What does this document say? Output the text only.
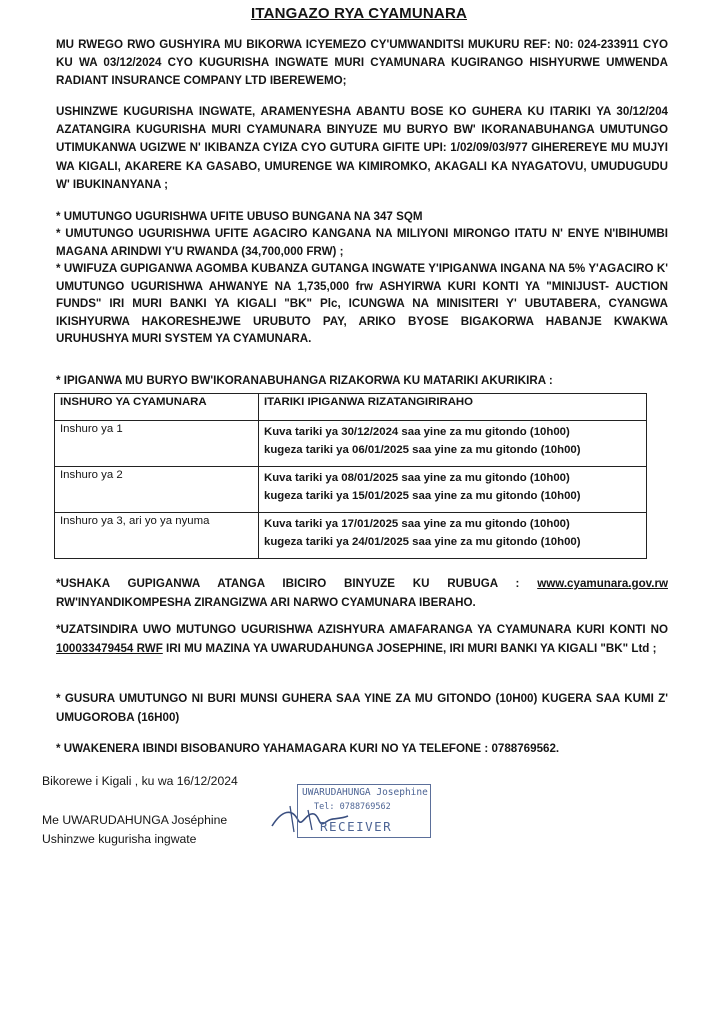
ITANGAZO RYA CYAMUNARA
MU RWEGO RWO GUSHYIRA MU BIKORWA ICYEMEZO CY'UMWANDITSI MUKURU REF: N0: 024-233911 CYO KU WA 03/12/2024 CYO KUGURISHA INGWATE MURI CYAMUNARA KUGIRANGO HISHYURWE UMWENDA RADIANT INSURANCE COMPANY LTD IBEREWEMO;
USHINZWE KUGURISHA INGWATE, ARAMENYESHA ABANTU BOSE KO GUHERA KU ITARIKI YA 30/12/204 AZATANGIRA KUGURISHA MURI CYAMUNARA BINYUZE MU BURYO BW' IKORANABUHANGA UMUTUNGO UTIMUKANWA UGIZWE N' IKIBANZA CYIZA CYO GUTURA GIFITE UPI: 1/02/09/03/977 GIHEREREYE MU MUJYI WA KIGALI, AKARERE KA GASABO, UMURENGE WA KIMIROMKO, AKAGALI KA NYAGATOVU, UMUDUGUDU W' IBUKINANYANA ;
* UMUTUNGO UGURISHWA UFITE UBUSO BUNGANA NA 347 SQM
* UMUTUNGO UGURISHWA UFITE AGACIRO KANGANA NA MILIYONI MIRONGO ITATU N' ENYE N'IBIHUMBI MAGANA ARINDWI Y'U RWANDA (34,700,000 FRW) ;
* UWIFUZA GUPIGANWA AGOMBA KUBANZA GUTANGA INGWATE Y'IPIGANWA INGANA NA 5% Y'AGACIRO K' UMUTUNGO UGURISHWA AHWANYE NA 1,735,000 frw ASHYIRWA KURI KONTI YA "MINIJUST- AUCTION FUNDS" IRI MURI BANKI YA KIGALI "BK" Plc, ICUNGWA NA MINISITERI Y' UBUTABERA, CYANGWA IKISHYURWA HAKORESHEJWE URUBUTO PAY, ARIKO BYOSE BIGAKORWA HABANJE KWAKWA URUHUSHYA MURI SYSTEM YA CYAMUNARA.
* IPIGANWA MU BURYO BW'IKORANABUHANGA RIZAKORWA KU MATARIKI AKURIKIRA :
INSHURO YA CYAMUNARA	ITARIKI IPIGANWA RIZATANGIRIRAHO
Inshuro ya 1	Kuva tariki ya 30/12/2024 saa yine za mu gitondo (10h00)
kugeza tariki ya 06/01/2025 saa yine za mu gitondo (10h00)

Inshuro ya 2	Kuva tariki ya 08/01/2025 saa yine za mu gitondo (10h00)
kugeza tariki ya 15/01/2025 saa yine za mu gitondo (10h00)

Inshuro ya 3, ari yo ya nyuma	Kuva tariki ya 17/01/2025 saa yine za mu gitondo (10h00)
kugeza tariki ya 24/01/2025 saa yine za mu gitondo (10h00)
*USHAKA GUPIGANWA ATANGA IBICIRO BINYUZE KU RUBUGA : www.cyamunara.gov.rw RW'INYANDIKOMPESHA ZIRANGIZWA ARI NARWO CYAMUNARA IBERAHO.
*UZATSINDIRA UWO MUTUNGO UGURISHWA AZISHYURA AMAFARANGA YA CYAMUNARA KURI KONTI NO 100033479454 RWF IRI MU MAZINA YA UWARUDAHUNGA JOSEPHINE, IRI MURI BANKI YA KIGALI "BK" Ltd ;
* GUSURA UMUTUNGO NI BURI MUNSI GUHERA SAA YINE ZA MU GITONDO (10H00) KUGERA SAA KUMI Z' UMUGOROBA (16H00)
* UWAKENERA IBINDI BISOBANURO YAHAMAGARA KURI NO YA TELEFONE : 0788769562.
Bikorewe i Kigali , ku wa 16/12/2024
Me UWARUDAHUNGA Joséphine
Ushinzwe kugurisha ingwate
UWARUDAHUNGA Josephine
Tel: 0788769562
RECEIVER
